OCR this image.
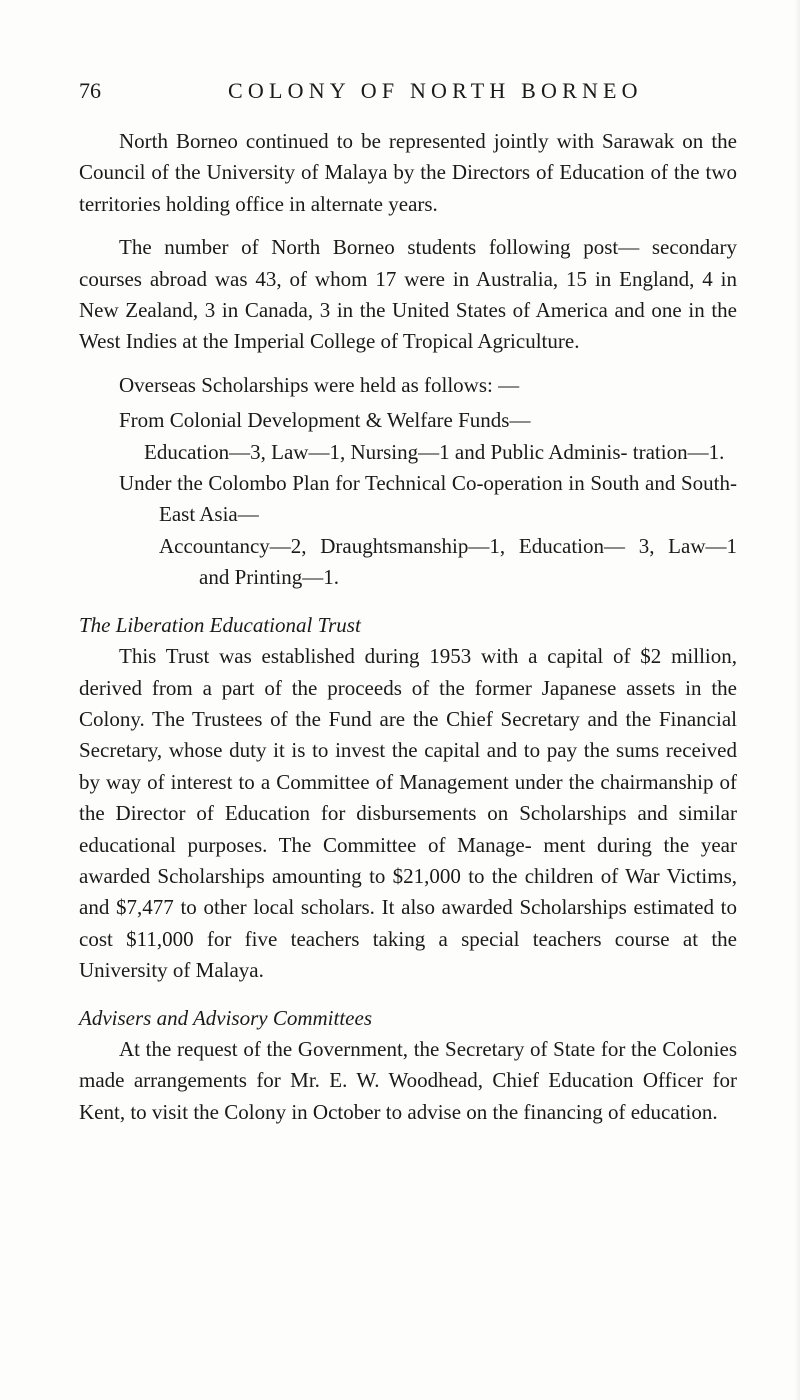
76	COLONY OF NORTH BORNEO

North Borneo continued to be represented jointly with Sarawak on the Council of the University of Malaya by the Directors of Education of the two territories holding office in alternate years.

The number of North Borneo students following post— secondary courses abroad was 43, of whom 17 were in Australia, 15 in England, 4 in New Zealand, 3 in Canada, 3 in the United States of America and one in the West Indies at the Imperial College of Tropical Agriculture.

Overseas Scholarships were held as follows: —

From Colonial Development & Welfare Funds—

Education—3, Law—1, Nursing—1 and Public Adminis- tration—1.

Under the Colombo Plan for Technical Co-operation in South and South-East Asia—

Accountancy—2, Draughtsmanship—1, Education— 3, Law—1 and Printing—1.

The Liberation Educational Trust

This Trust was established during 1953 with a capital of $2 million, derived from a part of the proceeds of the former Japanese assets in the Colony. The Trustees of the Fund are the Chief Secretary and the Financial Secretary, whose duty it is to invest the capital and to pay the sums received by way of interest to a Committee of Management under the chairmanship of the Director of Education for disbursements on Scholarships and similar educational purposes. The Committee of Manage- ment during the year awarded Scholarships amounting to $21,000 to the children of War Victims, and $7,477 to other local scholars. It also awarded Scholarships estimated to cost $11,000 for five teachers taking a special teachers course at the University of Malaya.

Advisers and Advisory Committees

At the request of the Government, the Secretary of State for the Colonies made arrangements for Mr. E. W. Woodhead, Chief Education Officer for Kent, to visit the Colony in October to advise on the financing of education.
